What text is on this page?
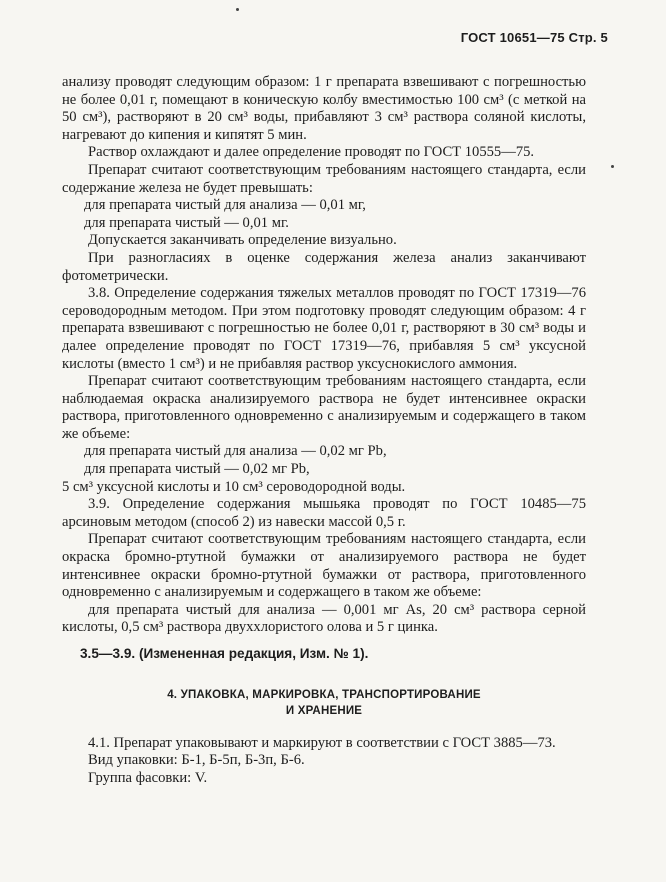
ГОСТ 10651—75 Стр. 5

анализу проводят следующим образом: 1 г препарата взвешивают с погрешностью не более 0,01 г, помещают в коническую колбу вместимостью 100 см³ (с меткой на 50 см³), растворяют в 20 см³ воды, прибавляют 3 см³ раствора соляной кислоты, нагревают до кипения и кипятят 5 мин.

Раствор охлаждают и далее определение проводят по ГОСТ 10555—75.

Препарат считают соответствующим требованиям настоящего стандарта, если содержание железа не будет превышать:

для препарата чистый для анализа — 0,01 мг,

для препарата чистый — 0,01 мг.

Допускается заканчивать определение визуально.

При разногласиях в оценке содержания железа анализ заканчивают фотометрически.

3.8. Определение содержания тяжелых металлов проводят по ГОСТ 17319—76 сероводородным методом. При этом подготовку проводят следующим образом: 4 г препарата взвешивают с погрешностью не более 0,01 г, растворяют в 30 см³ воды и далее определение проводят по ГОСТ 17319—76, прибавляя 5 см³ уксусной кислоты (вместо 1 см³) и не прибавляя раствор уксуснокислого аммония.

Препарат считают соответствующим требованиям настоящего стандарта, если наблюдаемая окраска анализируемого раствора не будет интенсивнее окраски раствора, приготовленного одновременно с анализируемым и содержащего в таком же объеме:

для препарата чистый для анализа — 0,02 мг Pb,

для препарата чистый — 0,02 мг Pb,

5 см³ уксусной кислоты и 10 см³ сероводородной воды.

3.9. Определение содержания мышьяка проводят по ГОСТ 10485—75 арсиновым методом (способ 2) из навески массой 0,5 г.

Препарат считают соответствующим требованиям настоящего стандарта, если окраска бромно-ртутной бумажки от анализируемого раствора не будет интенсивнее окраски бромно-ртутной бумажки от раствора, приготовленного одновременно с анализируемым и содержащего в таком же объеме:

для препарата чистый для анализа — 0,001 мг As, 20 см³ раствора серной кислоты, 0,5 см³ раствора двуххлористого олова и 5 г цинка.

3.5—3.9. (Измененная редакция, Изм. № 1).

4. УПАКОВКА, МАРКИРОВКА, ТРАНСПОРТИРОВАНИЕ
И ХРАНЕНИЕ

4.1. Препарат упаковывают и маркируют в соответствии с ГОСТ 3885—73.

Вид упаковки: Б-1, Б-5п, Б-3п, Б-6.

Группа фасовки: V.
